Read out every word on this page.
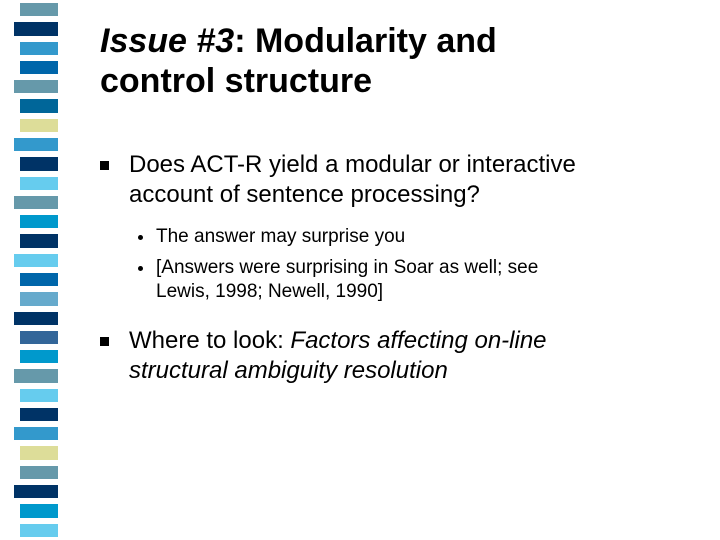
Issue #3: Modularity and
control structure
Does ACT-R yield a modular or interactive
account of sentence processing?
The answer may surprise you
[Answers were surprising in Soar as well; see
Lewis, 1998; Newell, 1990]
Where to look: Factors affecting on-line
structural ambiguity resolution
